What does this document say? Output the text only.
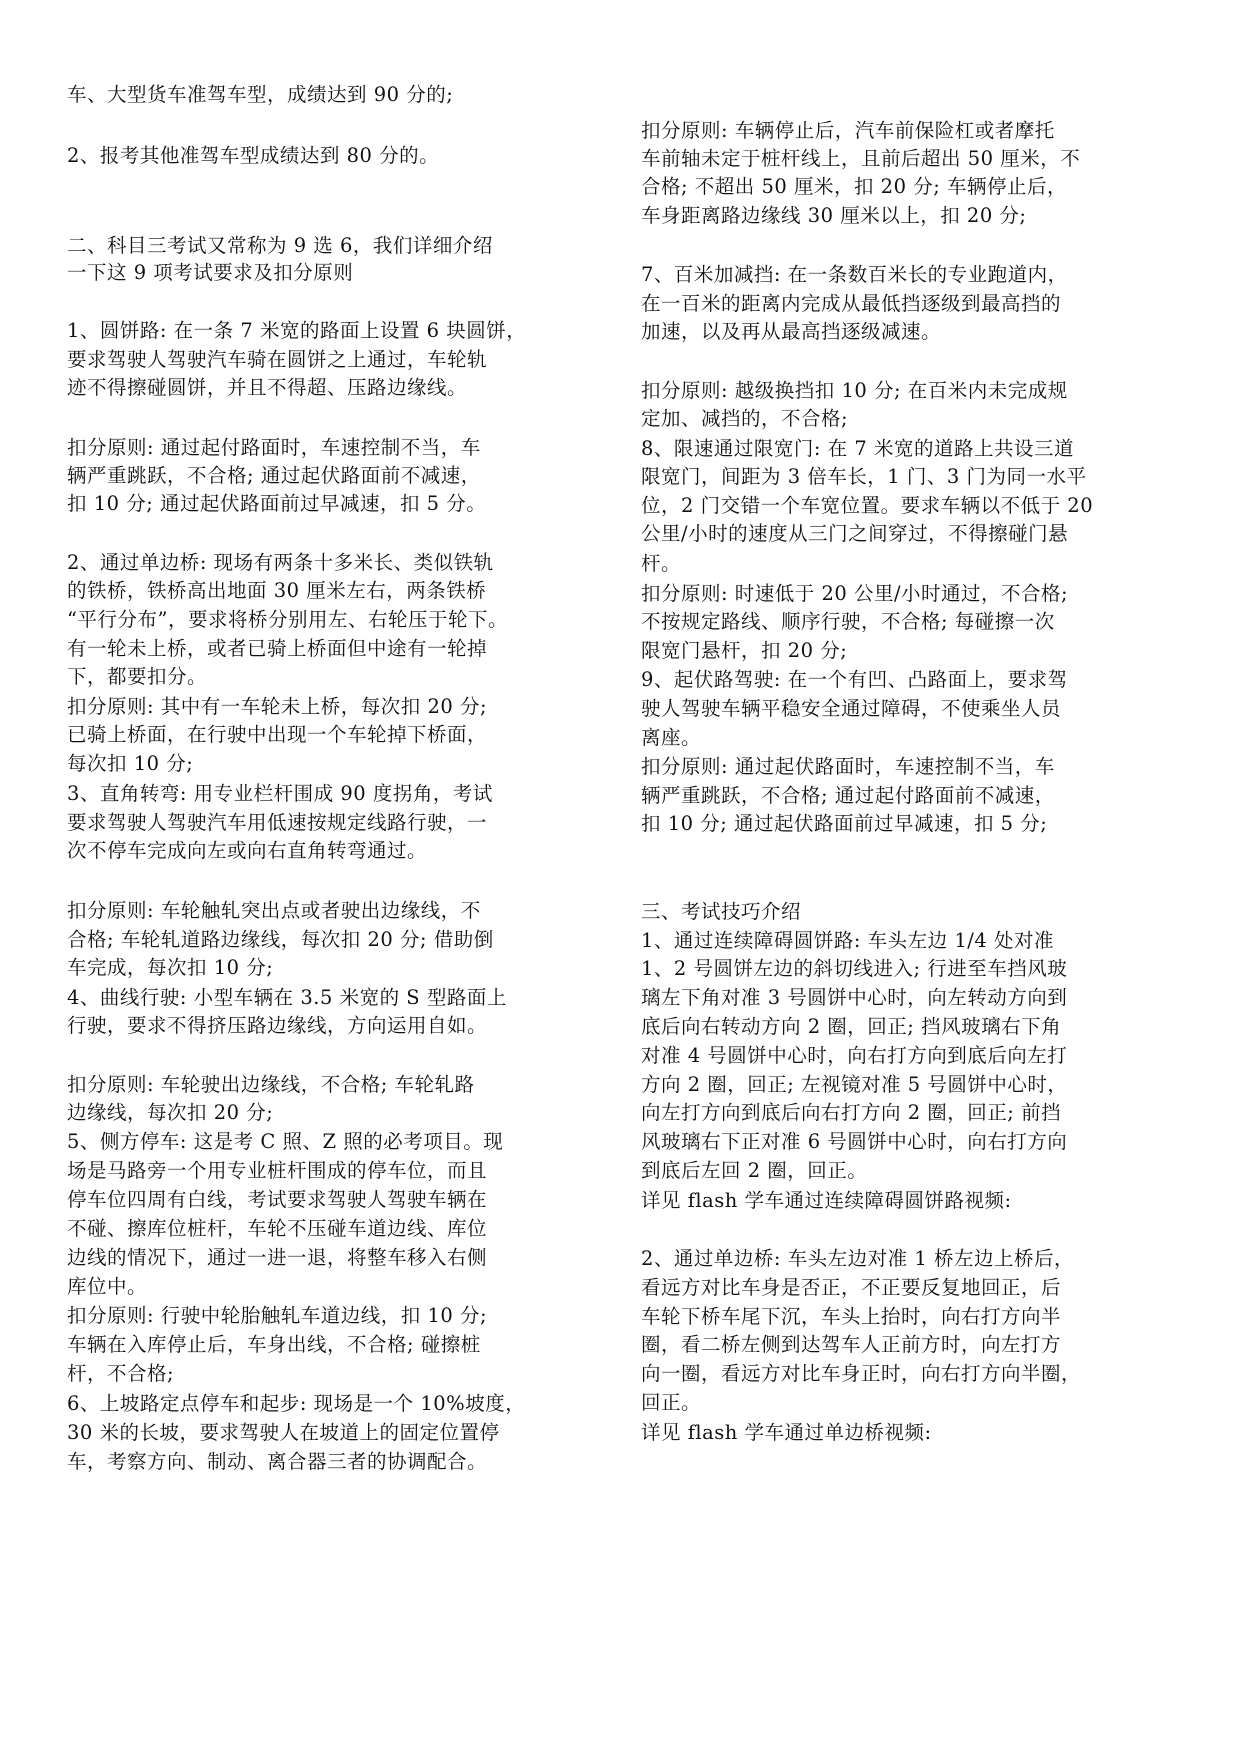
车、大型货车准驾车型，成绩达到 90 分的;
2、报考其他准驾车型成绩达到 80 分的。
二、科目三考试又常称为 9 选 6，我们详细介绍
一下这 9 项考试要求及扣分原则
1、圆饼路: 在一条 7 米宽的路面上设置 6 块圆饼，
要求驾驶人驾驶汽车骑在圆饼之上通过，车轮轨
迹不得擦碰圆饼，并且不得超、压路边缘线。
扣分原则: 通过起付路面时，车速控制不当，车
辆严重跳跃，不合格; 通过起伏路面前不减速，
扣 10 分; 通过起伏路面前过早减速，扣 5 分。
2、通过单边桥: 现场有两条十多米长、类似铁轨
的铁桥，铁桥高出地面 30 厘米左右，两条铁桥
“平行分布”，要求将桥分别用左、右轮压于轮下。
有一轮未上桥，或者已骑上桥面但中途有一轮掉
下，都要扣分。
扣分原则: 其中有一车轮未上桥，每次扣 20 分;
已骑上桥面，在行驶中出现一个车轮掉下桥面，
每次扣 10 分;
3、直角转弯: 用专业栏杆围成 90 度拐角，考试
要求驾驶人驾驶汽车用低速按规定线路行驶，一
次不停车完成向左或向右直角转弯通过。
扣分原则: 车轮触轧突出点或者驶出边缘线，不
合格; 车轮轧道路边缘线，每次扣 20 分; 借助倒
车完成，每次扣 10 分;
4、曲线行驶: 小型车辆在 3.5 米宽的 S 型路面上
行驶，要求不得挤压路边缘线，方向运用自如。
扣分原则: 车轮驶出边缘线，不合格; 车轮轧路
边缘线，每次扣 20 分;
5、侧方停车: 这是考 C 照、Z 照的必考项目。现
场是马路旁一个用专业桩杆围成的停车位，而且
停车位四周有白线，考试要求驾驶人驾驶车辆在
不碰、擦库位桩杆，车轮不压碰车道边线、库位
边线的情况下，通过一进一退，将整车移入右侧
库位中。
扣分原则: 行驶中轮胎触轧车道边线，扣 10 分;
车辆在入库停止后，车身出线，不合格; 碰擦桩
杆，不合格;
6、上坡路定点停车和起步: 现场是一个 10%坡度，
30 米的长坡，要求驾驶人在坡道上的固定位置停
车，考察方向、制动、离合器三者的协调配合。
扣分原则: 车辆停止后，汽车前保险杠或者摩托
车前轴未定于桩杆线上，且前后超出 50 厘米，不
合格; 不超出 50 厘米，扣 20 分; 车辆停止后，
车身距离路边缘线 30 厘米以上，扣 20 分;
7、百米加减挡: 在一条数百米长的专业跑道内，
在一百米的距离内完成从最低挡逐级到最高挡的
加速，以及再从最高挡逐级减速。
扣分原则: 越级换挡扣 10 分; 在百米内未完成规
定加、减挡的，不合格;
8、限速通过限宽门: 在 7 米宽的道路上共设三道
限宽门，间距为 3 倍车长，1 门、3 门为同一水平
位，2 门交错一个车宽位置。要求车辆以不低于 20
公里/小时的速度从三门之间穿过，不得擦碰门悬
杆。
扣分原则: 时速低于 20 公里/小时通过，不合格;
不按规定路线、顺序行驶，不合格; 每碰擦一次
限宽门悬杆，扣 20 分;
9、起伏路驾驶: 在一个有凹、凸路面上，要求驾
驶人驾驶车辆平稳安全通过障碍，不使乘坐人员
离座。
扣分原则: 通过起伏路面时，车速控制不当，车
辆严重跳跃，不合格; 通过起付路面前不减速，
扣 10 分; 通过起伏路面前过早减速，扣 5 分;
三、考试技巧介绍
1、通过连续障碍圆饼路: 车头左边 1/4 处对准
1、2 号圆饼左边的斜切线进入; 行进至车挡风玻
璃左下角对准 3 号圆饼中心时，向左转动方向到
底后向右转动方向 2 圈，回正; 挡风玻璃右下角
对准 4 号圆饼中心时，向右打方向到底后向左打
方向 2 圈，回正; 左视镜对准 5 号圆饼中心时，
向左打方向到底后向右打方向 2 圈，回正; 前挡
风玻璃右下正对准 6 号圆饼中心时，向右打方向
到底后左回 2 圈，回正。
详见 flash 学车通过连续障碍圆饼路视频:
2、通过单边桥: 车头左边对准 1 桥左边上桥后，
看远方对比车身是否正，不正要反复地回正，后
车轮下桥车尾下沉，车头上抬时，向右打方向半
圈，看二桥左侧到达驾车人正前方时，向左打方
向一圈，看远方对比车身正时，向右打方向半圈，
回正。
详见 flash 学车通过单边桥视频:
